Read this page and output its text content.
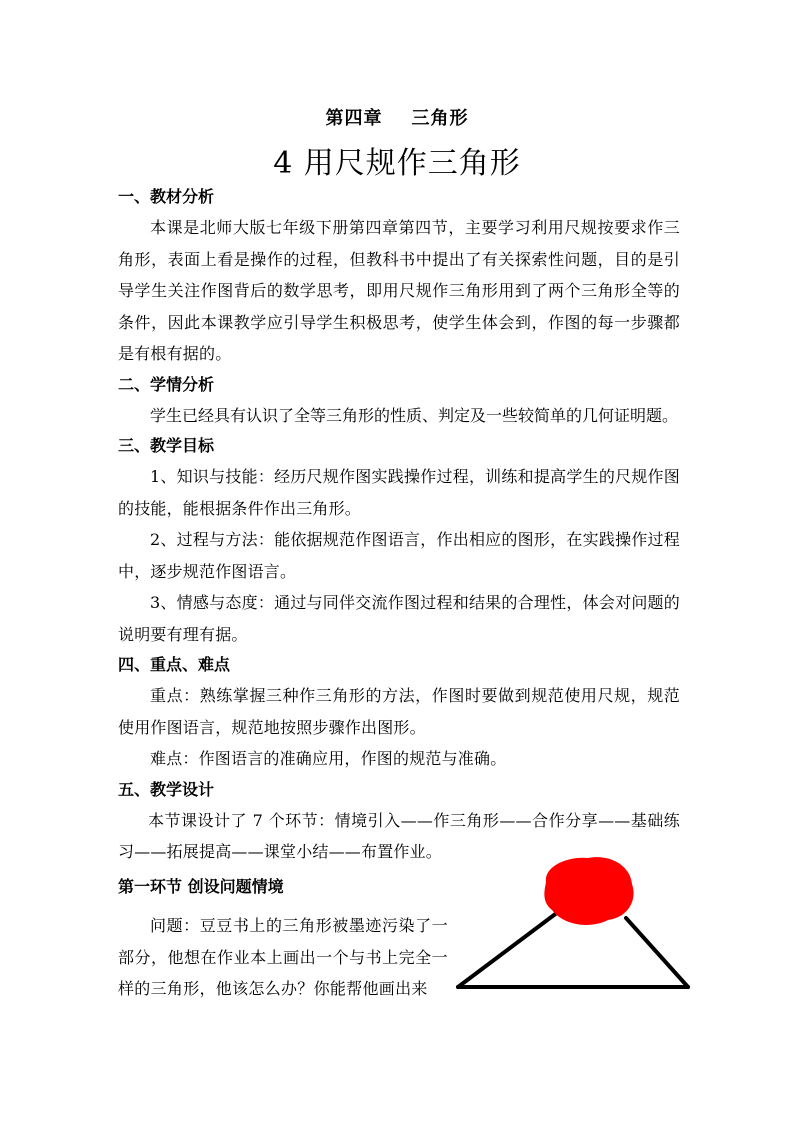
第四章    三角形
4 用尺规作三角形
一、教材分析
本课是北师大版七年级下册第四章第四节，主要学习利用尺规按要求作三角形，表面上看是操作的过程，但教科书中提出了有关探索性问题，目的是引导学生关注作图背后的数学思考，即用尺规作三角形用到了两个三角形全等的条件，因此本课教学应引导学生积极思考，使学生体会到，作图的每一步骤都是有根有据的。
二、学情分析
学生已经具有认识了全等三角形的性质、判定及一些较简单的几何证明题。
三、教学目标
1、知识与技能：经历尺规作图实践操作过程，训练和提高学生的尺规作图的技能，能根据条件作出三角形。
2、过程与方法：能依据规范作图语言，作出相应的图形，在实践操作过程中，逐步规范作图语言。
3、情感与态度：通过与同伴交流作图过程和结果的合理性，体会对问题的说明要有理有据。
四、重点、难点
重点：熟练掌握三种作三角形的方法，作图时要做到规范使用尺规，规范使用作图语言，规范地按照步骤作出图形。
难点：作图语言的准确应用，作图的规范与准确。
五、教学设计
本节课设计了 7 个环节：情境引入——作三角形——合作分享——基础练习——拓展提高——课堂小结——布置作业。
第一环节 创设问题情境
问题：豆豆书上的三角形被墨迹污染了一部分，他想在作业本上画出一个与书上完全一样的三角形，他该怎么办？你能帮他画出来
